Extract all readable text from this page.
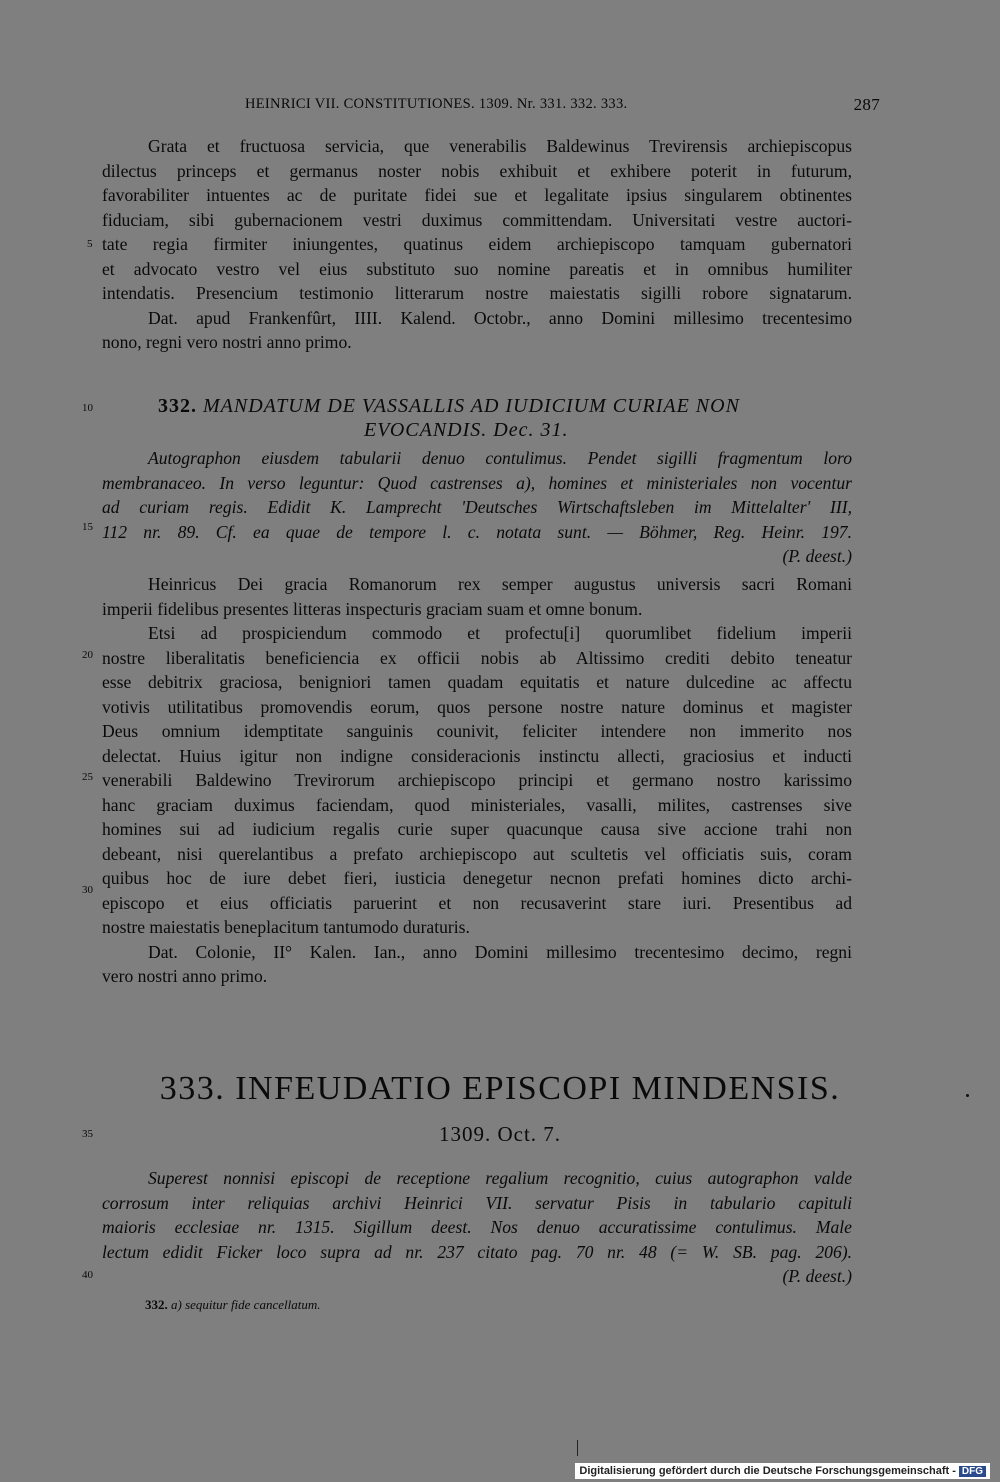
HEINRICI VII. CONSTITUTIONES. 1309. Nr. 331. 332. 333.	287
Grata et fructuosa servicia, que venerabilis Baldewinus Trevirensis archiepiscopus
dilectus princeps et germanus noster nobis exhibuit et exhibere poterit in futurum,
favorabiliter intuentes ac de puritate fidei sue et legalitate ipsius singularem obtinentes
fiduciam, sibi gubernacionem vestri duximus committendam. Universitati vestre auctori-
tate regia firmiter iniungentes, quatinus eidem archiepiscopo tamquam gubernatori
et advocato vestro vel eius substituto suo nomine pareatis et in omnibus humiliter
intendatis. Presencium testimonio litterarum nostre maiestatis sigilli robore signatarum.
Dat. apud Frankenfûrt, IIII. Kalend. Octobr., anno Domini millesimo trecentesimo
nono, regni vero nostri anno primo.
332. MANDATUM DE VASSALLIS AD IUDICIUM CURIAE NON
EVOCANDIS. Dec. 31.
Autographon eiusdem tabularii denuo contulimus. Pendet sigilli fragmentum loro
membranaceo. In verso leguntur: Quod castrenses a), homines et ministeriales non vocentur
ad curiam regis. Edidit K. Lamprecht 'Deutsches Wirtschaftsleben im Mittelalter' III,
112 nr. 89. Cf. ea quae de tempore l. c. notata sunt. — Böhmer, Reg. Heinr. 197.
(P. deest.)
Heinricus Dei gracia Romanorum rex semper augustus universis sacri Romani
imperii fidelibus presentes litteras inspecturis graciam suam et omne bonum.
Etsi ad prospiciendum commodo et profectu[i] quorumlibet fidelium imperii
nostre liberalitatis beneficiencia ex officii nobis ab Altissimo crediti debito teneatur
esse debitrix graciosa, benigniori tamen quadam equitatis et nature dulcedine ac affectu
votivis utilitatibus promovendis eorum, quos persone nostre nature dominus et magister
Deus omnium idemptitate sanguinis counivit, feliciter intendere non immerito nos
delectat. Huius igitur non indigne consideracionis instinctu allecti, graciosius et inducti
venerabili Baldewino Trevirorum archiepiscopo principi et germano nostro karissimo
hanc graciam duximus faciendam, quod ministeriales, vasalli, milites, castrenses sive
homines sui ad iudicium regalis curie super quacunque causa sive accione trahi non
debeant, nisi querelantibus a prefato archiepiscopo aut scultetis vel officiatis suis, coram
quibus hoc de iure debet fieri, iusticia denegetur necnon prefati homines dicto archi-
episcopo et eius officiatis paruerint et non recusaverint stare iuri. Presentibus ad
nostre maiestatis beneplacitum tantumodo duraturis.
Dat. Colonie, II° Kalen. Ian., anno Domini millesimo trecentesimo decimo, regni
vero nostri anno primo.
333. INFEUDATIO EPISCOPI MINDENSIS.
1309. Oct. 7.
Superest nonnisi episcopi de receptione regalium recognitio, cuius autographon valde
corrosum inter reliquias archivi Heinrici VII. servatur Pisis in tabulario capituli
maioris ecclesiae nr. 1315. Sigillum deest. Nos denuo accuratissime contulimus. Male
lectum edidit Ficker loco supra ad nr. 237 citato pag. 70 nr. 48 (= W. SB. pag. 206).
(P. deest.)
5
10
15
20
25
30
35
40
332. a) sequitur fide cancellatum.
Digitalisierung gefördert durch die Deutsche Forschungsgemeinschaft - DFG
